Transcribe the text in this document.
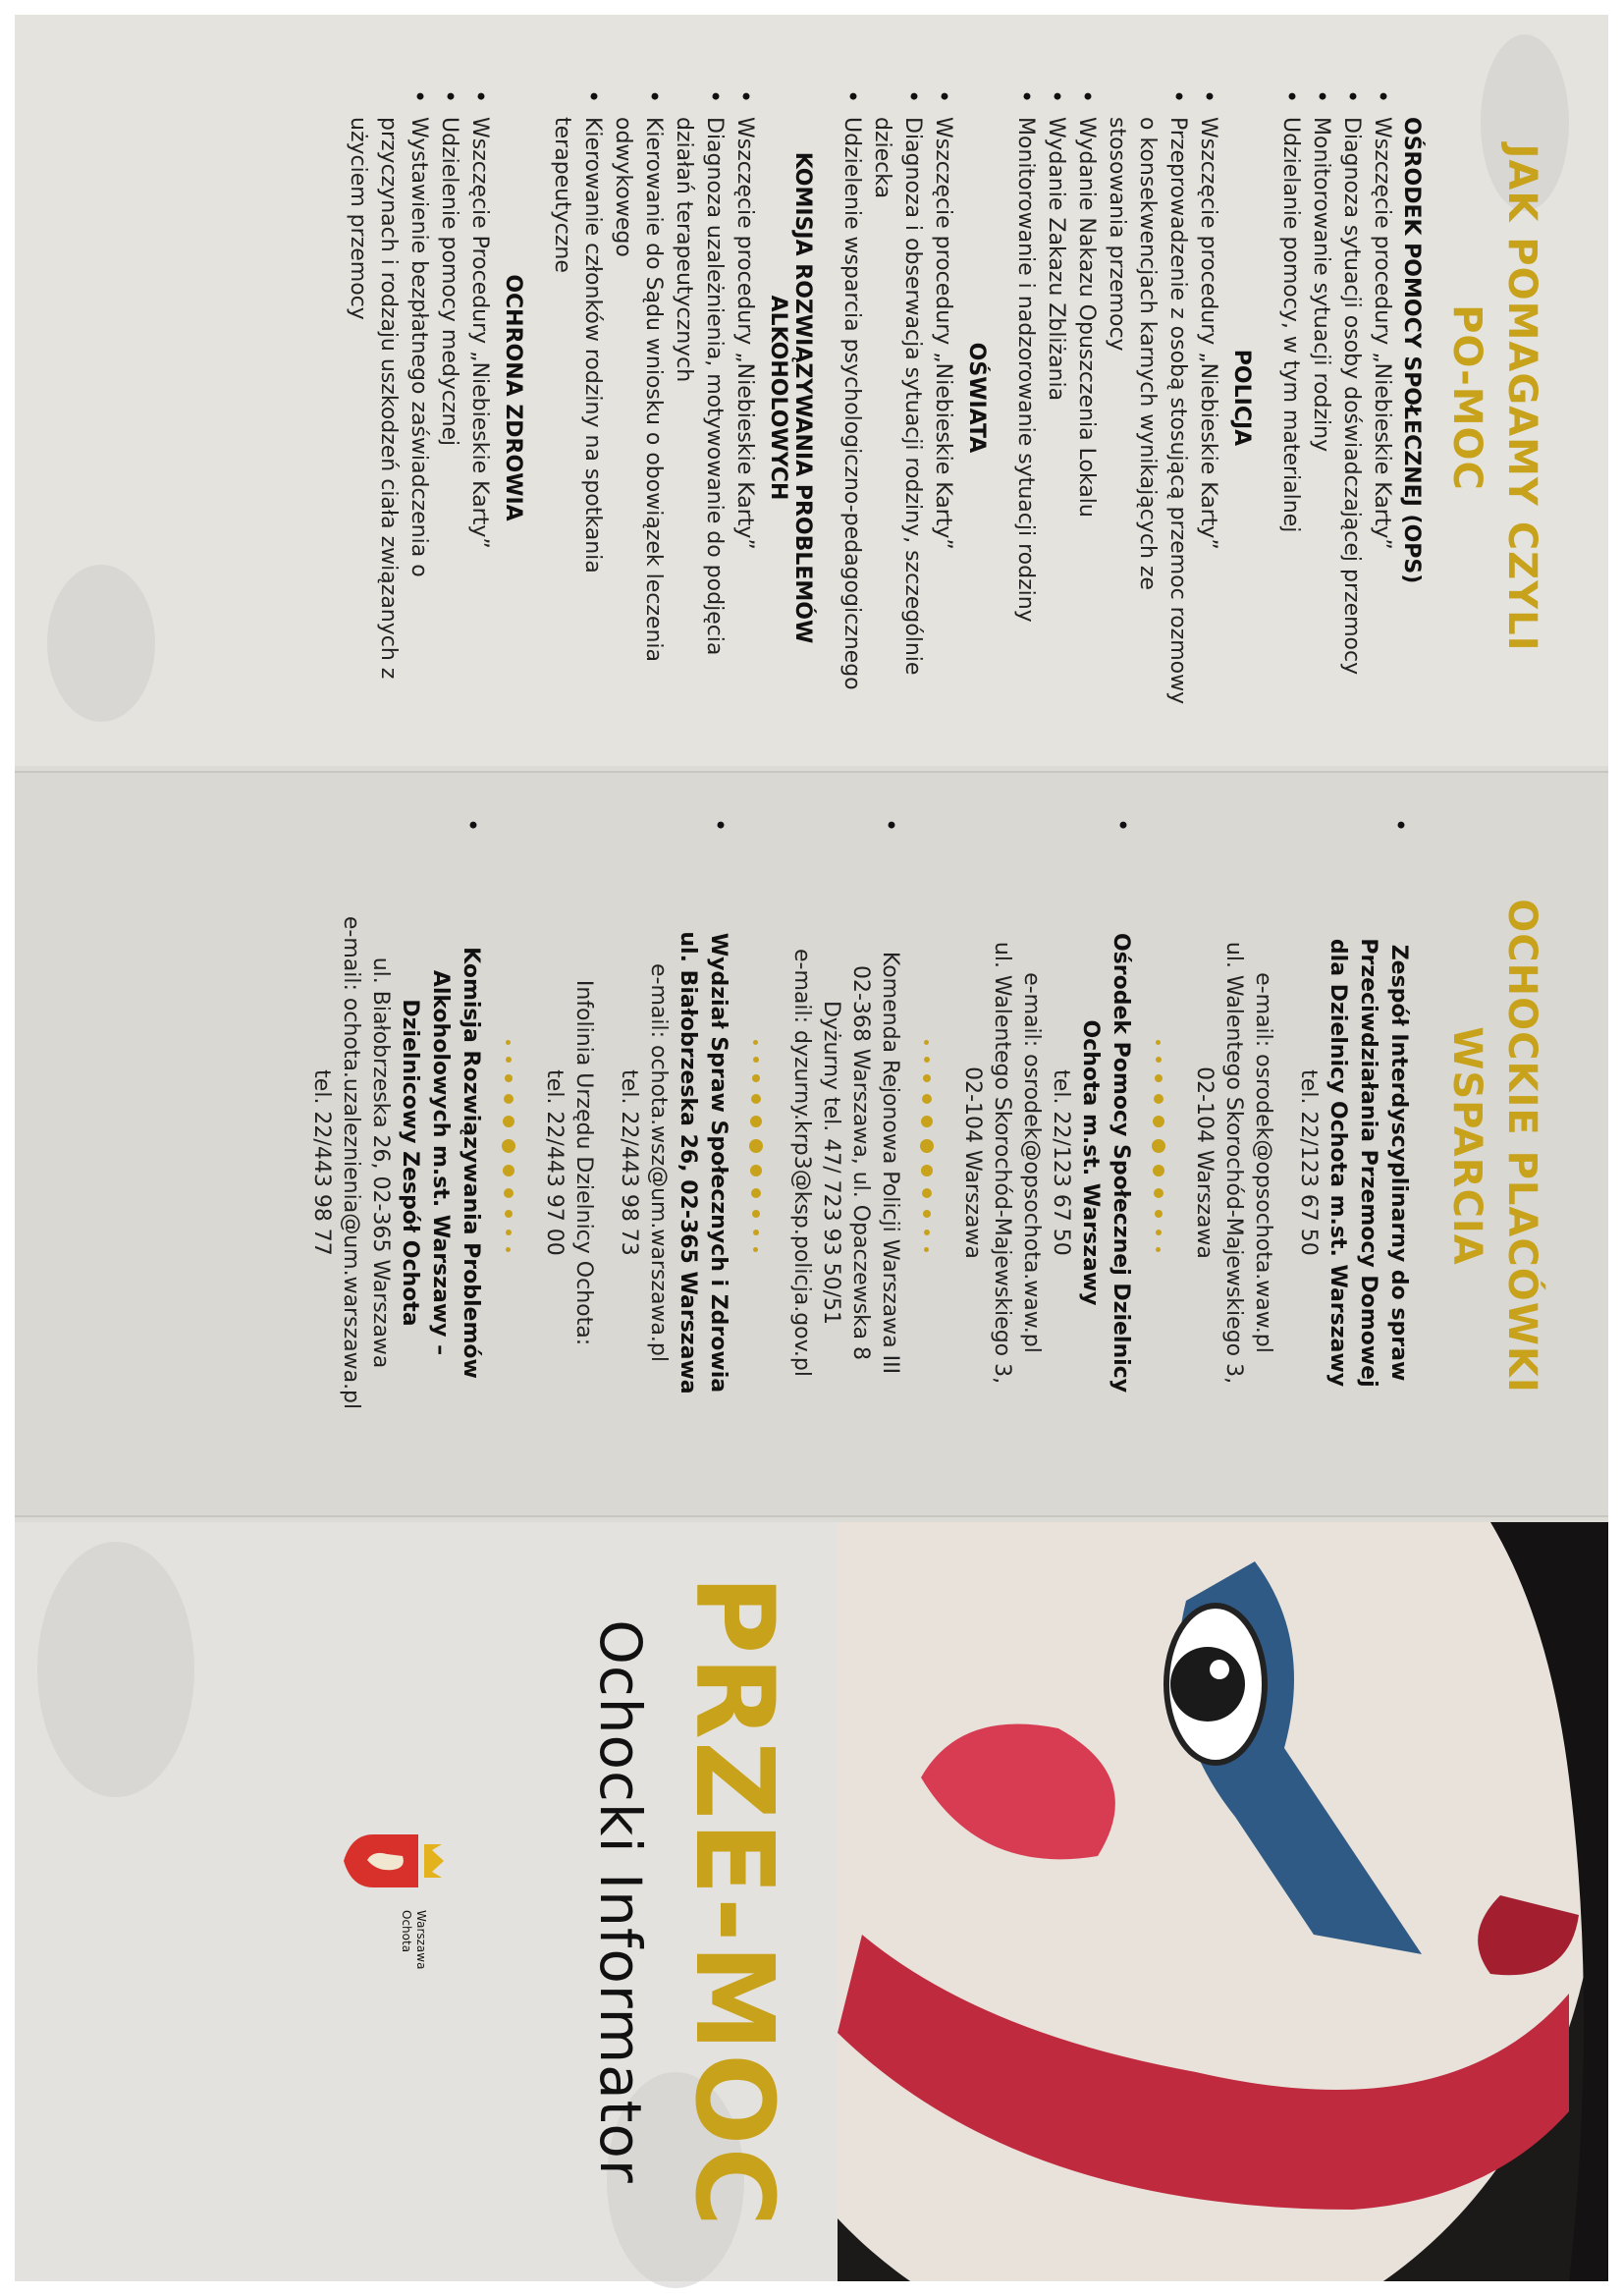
JAK POMAGAMY CZYLI
PO-MOC
OŚRODEK POMOCY SPOŁECZNEJ (OPS)
• Wszczęcie procedury „Niebieskie Karty”
• Diagnoza sytuacji osoby doświadczającej przemocy
• Monitorowanie sytuacji rodziny
• Udzielanie pomocy, w tym materialnej
POLICJA
• Wszczęcie procedury „Niebieskie Karty”
• Przeprowadzenie z osobą stosującą przemoc rozmowy o konsekwencjach karnych wynikających ze stosowania przemocy
• Wydanie Nakazu Opuszczenia Lokalu
• Wydanie Zakazu Zbliżania
• Monitorowanie i nadzorowanie sytuacji rodziny
OŚWIATA
• Wszczęcie procedury „Niebieskie Karty”
• Diagnoza i obserwacja sytuacji rodziny, szczególnie dziecka
• Udzielenie wsparcia psychologiczno-pedagogicznego
KOMISJA ROZWIĄZYWANIA PROBLEMÓW ALKOHOLOWYCH
• Wszczęcie procedury „Niebieskie Karty”
• Diagnoza uzależnienia, motywowanie do podjęcia działań terapeutycznych
• Kierowanie do Sądu wniosku o obowiązek leczenia odwykowego
• Kierowanie członków rodziny na spotkania terapeutyczne
OCHRONA ZDROWIA
• Wszczęcie Procedury „Niebieskie Karty”
• Udzielenie pomocy medycznej
• Wystawienie bezpłatnego zaświadczenia o przyczynach i rodzaju uszkodzeń ciała związanych z użyciem przemocy
OCHOCKIE PLACÓWKI
WSPARCIA
• Zespół Interdyscyplinarny do spraw
Przeciwdziałania Przemocy Domowej
dla Dzielnicy Ochota m.st. Warszawy
tel. 22/123 67 50
e-mail: osrodek@opsochota.waw.pl
ul. Walentego Skorochód-Majewskiego 3,
02-104 Warszawa
• Ośrodek Pomocy Społecznej Dzielnicy
Ochota m.st. Warszawy
tel. 22/123 67 50
e-mail: osrodek@opsochota.waw.pl
ul. Walentego Skorochód-Majewskiego 3,
02-104 Warszawa
• Komenda Rejonowa Policji Warszawa III
02-368 Warszawa, ul. Opaczewska 8
Dyżurny tel. 47/ 723 93 50/51
e-mail: dyzurny.krp3@ksp.policja.gov.pl
• Wydział Spraw Społecznych i Zdrowia
ul. Białobrzeska 26, 02-365 Warszawa
e-mail: ochota.wsz@um.warszawa.pl
tel. 22/443 98 73
Infolinia Urzędu Dzielnicy Ochota:
tel. 22/443 97 00
• Komisja Rozwiązywania Problemów
Alkoholowych m.st. Warszawy –
Dzielnicowy Zespół Ochota
ul. Białobrzeska 26, 02-365 Warszawa
e-mail: ochota.uzaleznienia@um.warszawa.pl
tel. 22/443 98 77
PRZE-MOC
Ochocki Informator
Warszawa
Ochota
